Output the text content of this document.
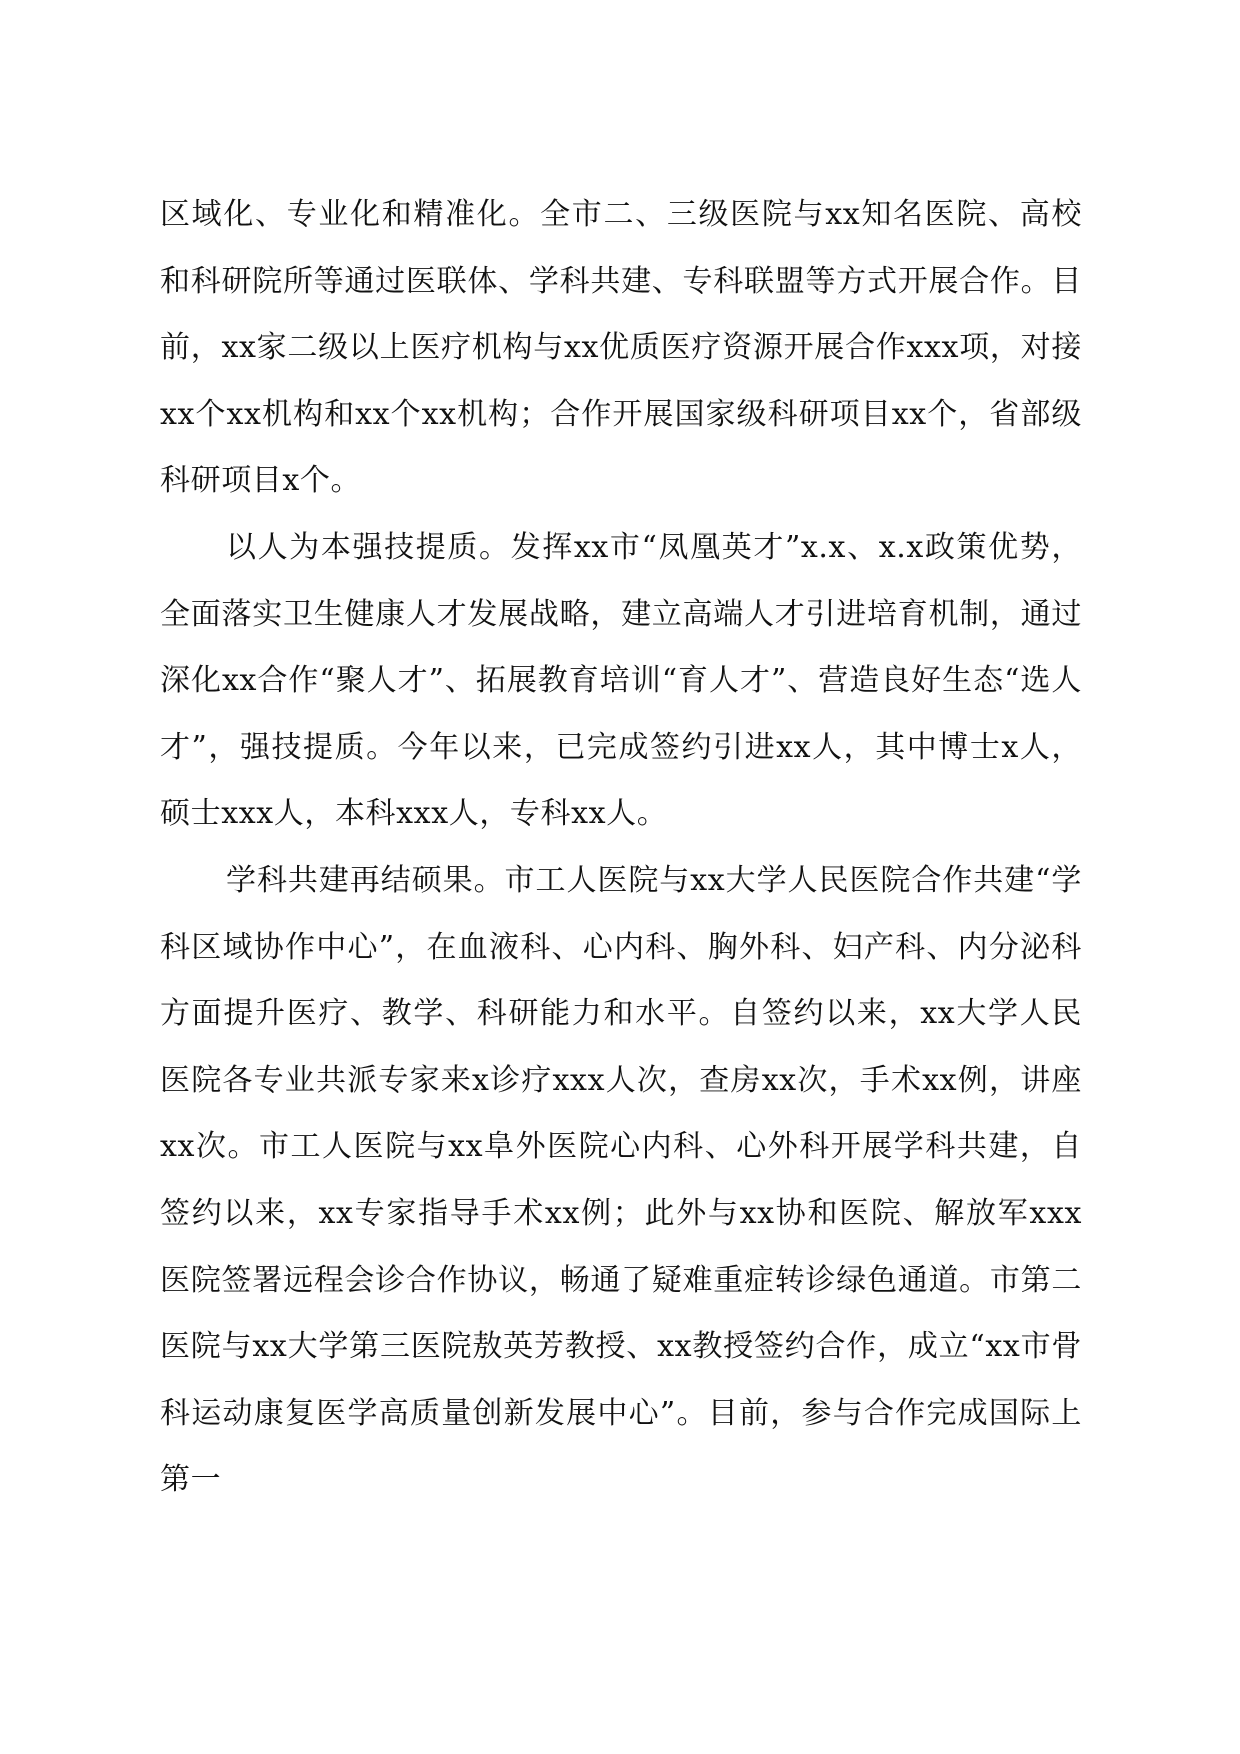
区域化、专业化和精准化。全市二、三级医院与xx知名医院、高校和科研院所等通过医联体、学科共建、专科联盟等方式开展合作。目前，xx家二级以上医疗机构与xx优质医疗资源开展合作xxx项，对接xx个xx机构和xx个xx机构；合作开展国家级科研项目xx个，省部级科研项目x个。

以人为本强技提质。发挥xx市“凤凰英才”x.x、x.x政策优势，全面落实卫生健康人才发展战略，建立高端人才引进培育机制，通过深化xx合作“聚人才”、拓展教育培训“育人才”、营造良好生态“选人才”，强技提质。今年以来，已完成签约引进xx人，其中博士x人，硕士xxx人，本科xxx人，专科xx人。

学科共建再结硕果。市工人医院与xx大学人民医院合作共建“学科区域协作中心”，在血液科、心内科、胸外科、妇产科、内分泌科方面提升医疗、教学、科研能力和水平。自签约以来，xx大学人民医院各专业共派专家来x诊疗xxx人次，查房xx次，手术xx例，讲座xx次。市工人医院与xx阜外医院心内科、心外科开展学科共建，自签约以来，xx专家指导手术xx例；此外与xx协和医院、解放军xxx医院签署远程会诊合作协议，畅通了疑难重症转诊绿色通道。市第二医院与xx大学第三医院敖英芳教授、xx教授签约合作，成立“xx市骨科运动康复医学高质量创新发展中心”。目前，参与合作完成国际上第一
